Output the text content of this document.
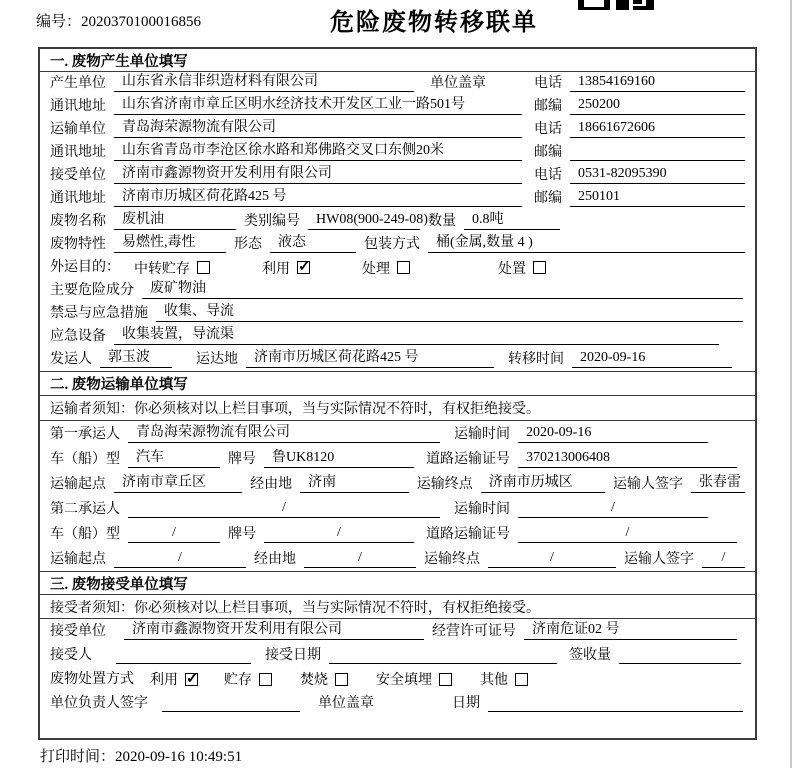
编号：2020370100016856	危险废物转移联单
一. 废物产生单位填写
产生单位	山东省永信非织造材料有限公司	单位盖章	电话	13854169160
通讯地址	山东省济南市章丘区明水经济技术开发区工业一路501号	邮编	250200
运输单位	青岛海荣源物流有限公司	电话	18661672606
通讯地址	山东省青岛市李沧区徐水路和郑佛路交叉口东侧20米	邮编
接受单位	济南市鑫源物资开发利用有限公司	电话	0531-82095390
通讯地址	济南市历城区荷花路425 号	邮编	250101
废物名称	废机油	类别编号	HW08(900-249-08) 数量	0.8吨
废物特性	易燃性,毒性	形态	液态	包装方式	桶(金属,数量 4 )
外运目的： 中转贮存	利用 ✓	处理	处置
主要危险成分	废矿物油
禁忌与应急措施	收集、导流
应急设备	收集装置，导流渠
发运人	郭玉波	运达地	济南市历城区荷花路425 号	转移时间	2020-09-16
二. 废物运输单位填写
运输者须知：你必须核对以上栏目事项，当与实际情况不符时，有权拒绝接受。
第一承运人	青岛海荣源物流有限公司	运输时间	2020-09-16
车（船）型	汽车	牌号	鲁UK8120	道路运输证号	370213006408
运输起点	济南市章丘区	经由地	济南	运输终点	济南市历城区	运输人签字	张春雷
第二承运人	/	运输时间	/
车（船）型	/	牌号	/	道路运输证号	/
运输起点	/	经由地	/	运输终点	/	运输人签字	/
三. 废物接受单位填写
接受者须知：你必须核对以上栏目事项，当与实际情况不符时，有权拒绝接受。
接受单位	济南市鑫源物资开发利用有限公司	经营许可证号	济南危证02 号
接受人	接受日期	签收量
废物处置方式 利用 ✓	贮存	焚烧	安全填埋	其他
单位负责人签字	单位盖章	日期
打印时间：2020-09-16 10:49:51
